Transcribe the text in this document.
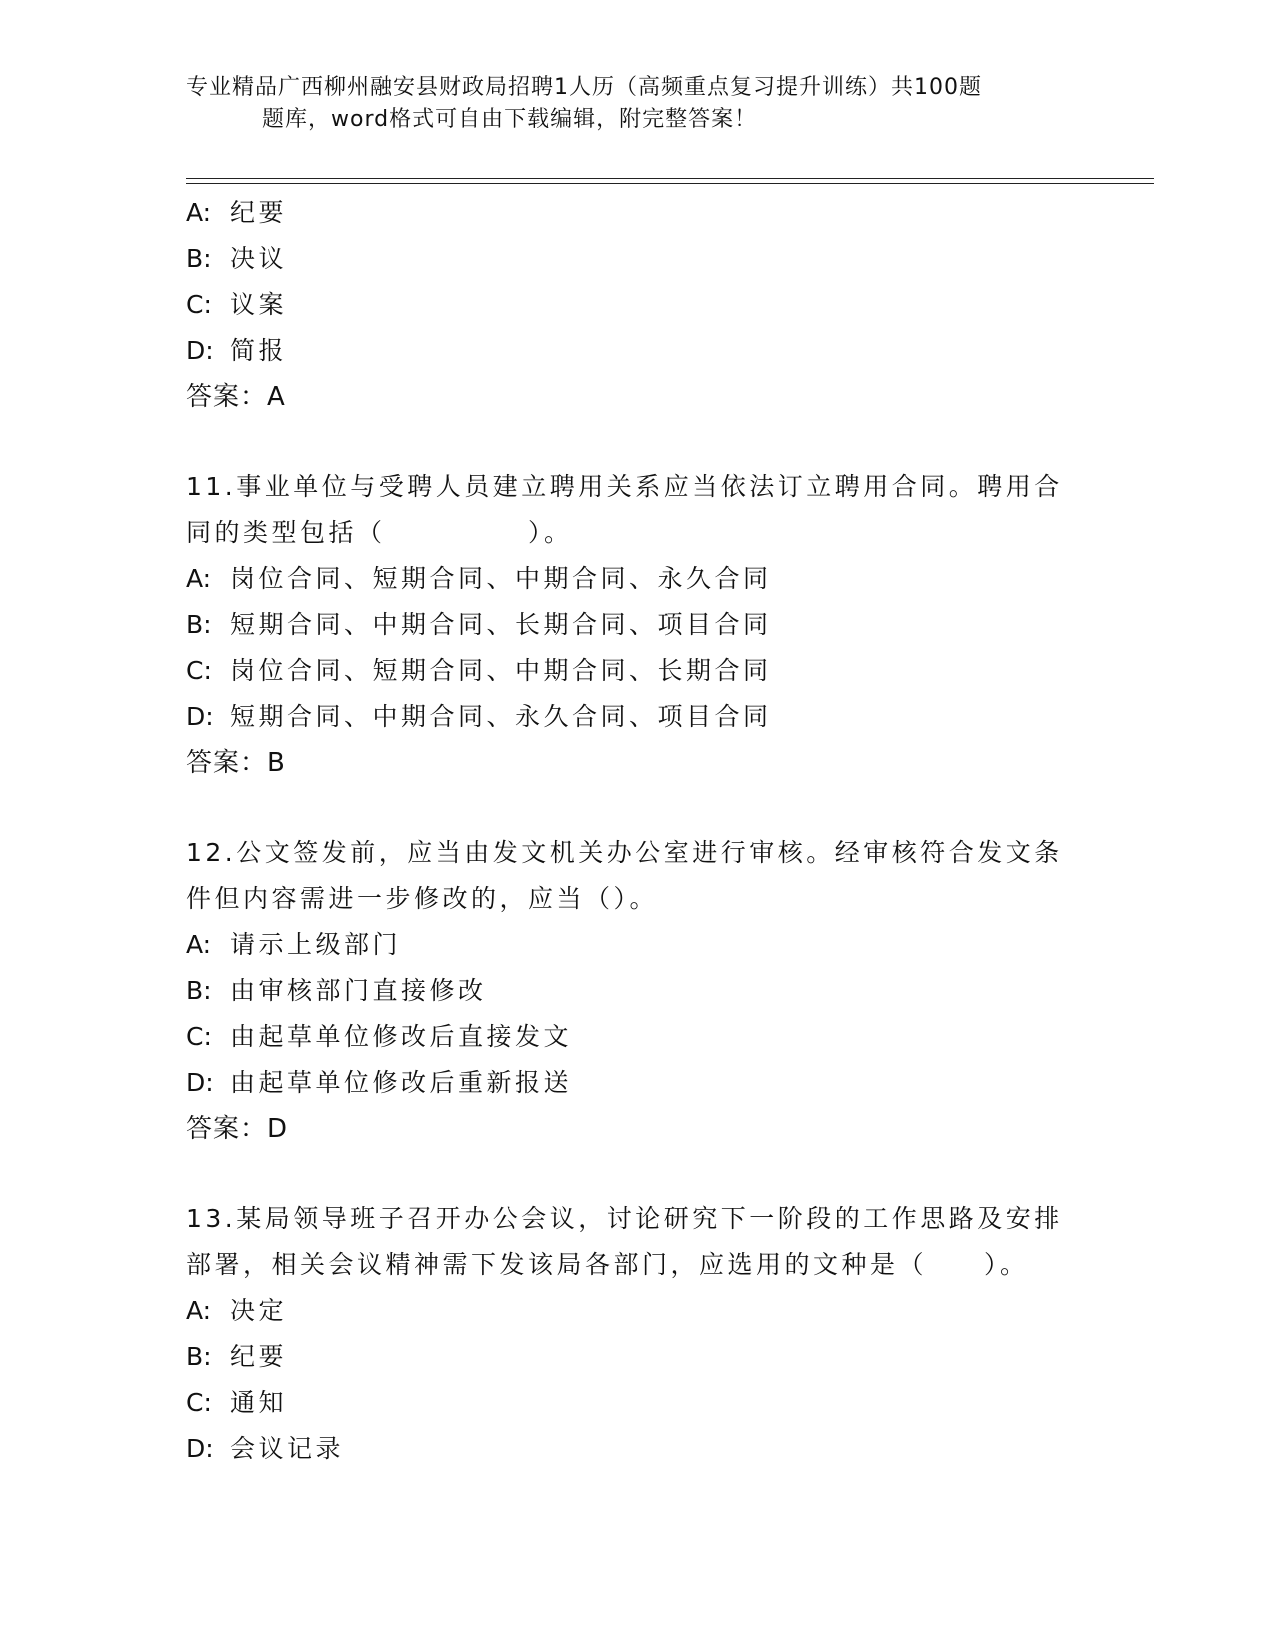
专业精品广西柳州融安县财政局招聘1人历（高频重点复习提升训练）共100题
题库，word格式可自由下载编辑，附完整答案！
A: 纪要
B: 决议
C: 议案
D: 简报
答案：A
11.事业单位与受聘人员建立聘用关系应当依法订立聘用合同。聘用合
同的类型包括（　　　　　）。
A: 岗位合同、短期合同、中期合同、永久合同
B: 短期合同、中期合同、长期合同、项目合同
C: 岗位合同、短期合同、中期合同、长期合同
D: 短期合同、中期合同、永久合同、项目合同
答案：B
12.公文签发前，应当由发文机关办公室进行审核。经审核符合发文条
件但内容需进一步修改的，应当（）。
A: 请示上级部门
B: 由审核部门直接修改
C: 由起草单位修改后直接发文
D: 由起草单位修改后重新报送
答案：D
13.某局领导班子召开办公会议，讨论研究下一阶段的工作思路及安排
部署，相关会议精神需下发该局各部门，应选用的文种是（　　）。
A: 决定
B: 纪要
C: 通知
D: 会议记录
